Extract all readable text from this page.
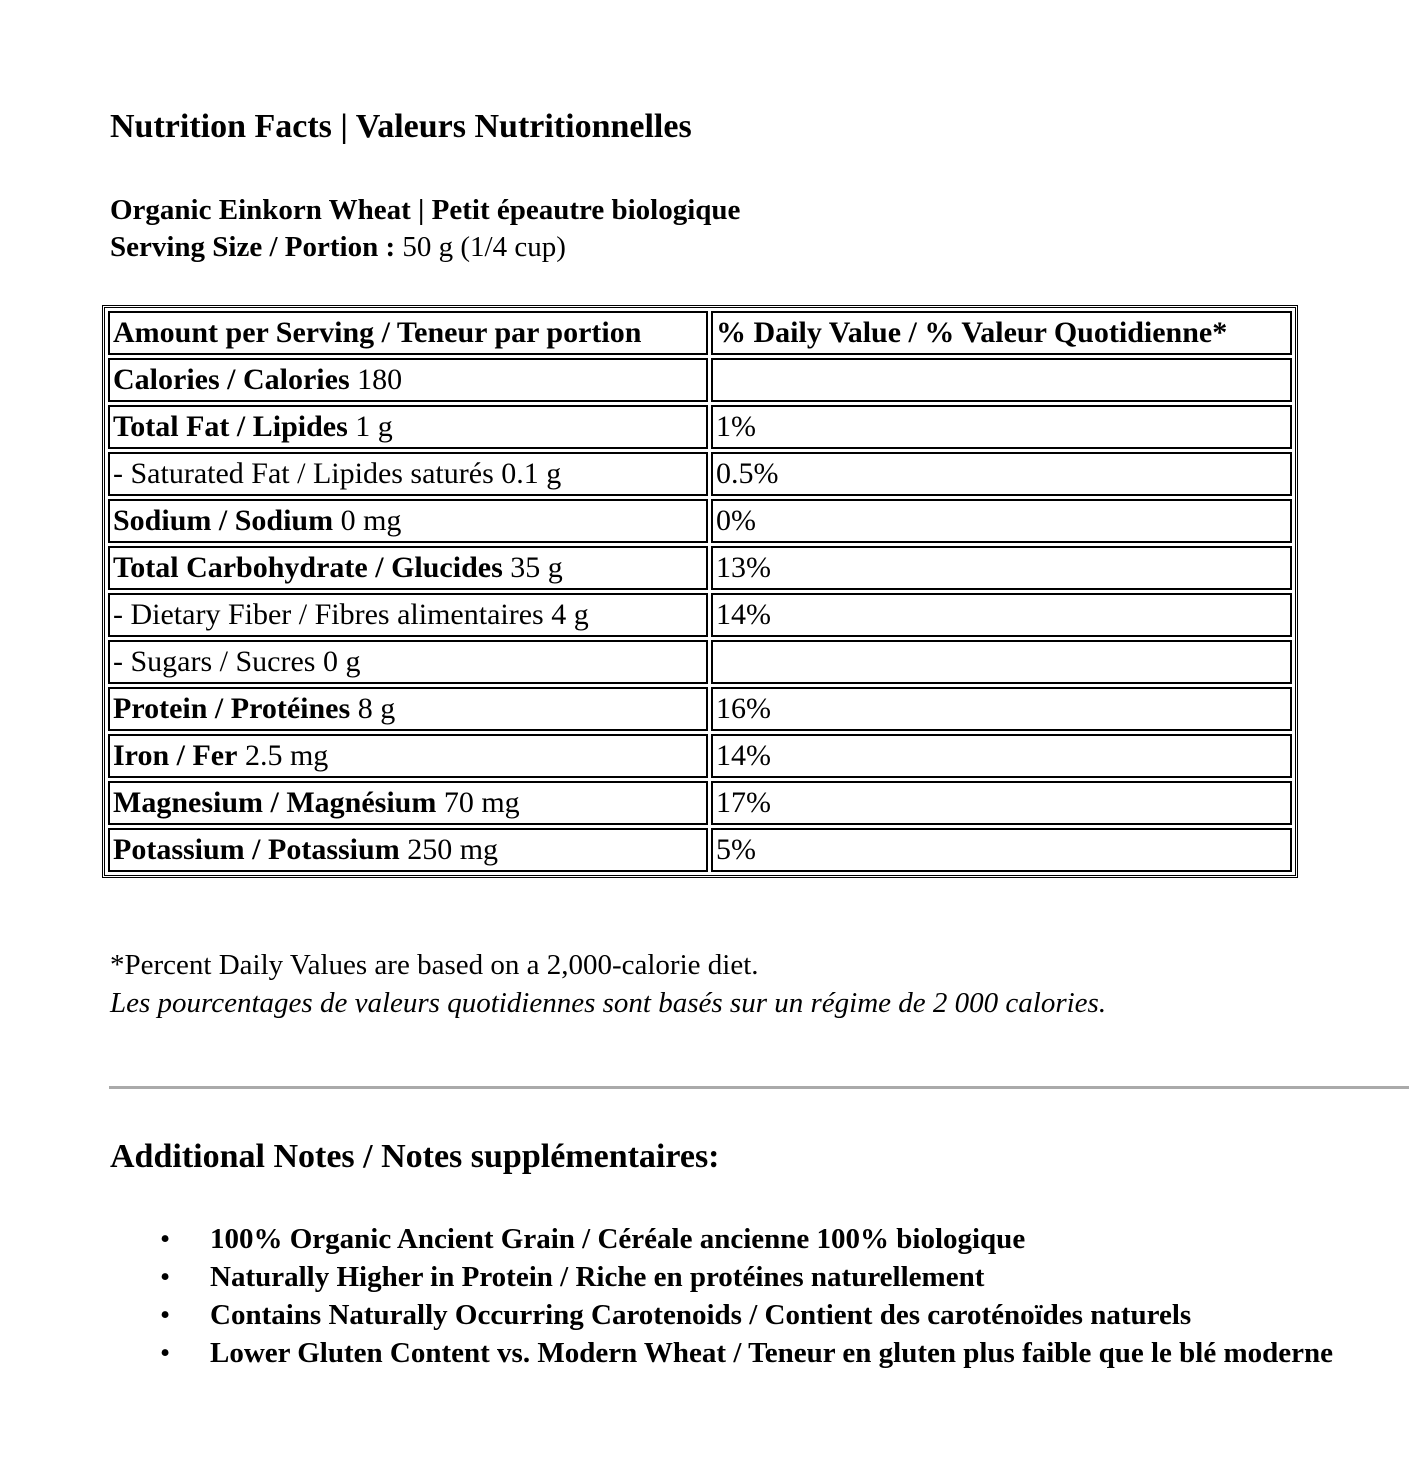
Nutrition Facts | Valeurs Nutritionnelles
Organic Einkorn Wheat | Petit épeautre biologique
Serving Size / Portion : 50 g (1/4 cup)
Amount per Serving / Teneur par portion	% Daily Value / % Valeur Quotidienne*
Calories / Calories 180	
Total Fat / Lipides 1 g	1%
- Saturated Fat / Lipides saturés 0.1 g	0.5%
Sodium / Sodium 0 mg	0%
Total Carbohydrate / Glucides 35 g	13%
- Dietary Fiber / Fibres alimentaires 4 g	14%
- Sugars / Sucres 0 g	
Protein / Protéines 8 g	16%
Iron / Fer 2.5 mg	14%
Magnesium / Magnésium 70 mg	17%
Potassium / Potassium 250 mg	5%
*Percent Daily Values are based on a 2,000-calorie diet.
Les pourcentages de valeurs quotidiennes sont basés sur un régime de 2 000 calories.
Additional Notes / Notes supplémentaires:
•	100% Organic Ancient Grain / Céréale ancienne 100% biologique
•	Naturally Higher in Protein / Riche en protéines naturellement
•	Contains Naturally Occurring Carotenoids / Contient des caroténoïdes naturels
•	Lower Gluten Content vs. Modern Wheat / Teneur en gluten plus faible que le blé moderne
